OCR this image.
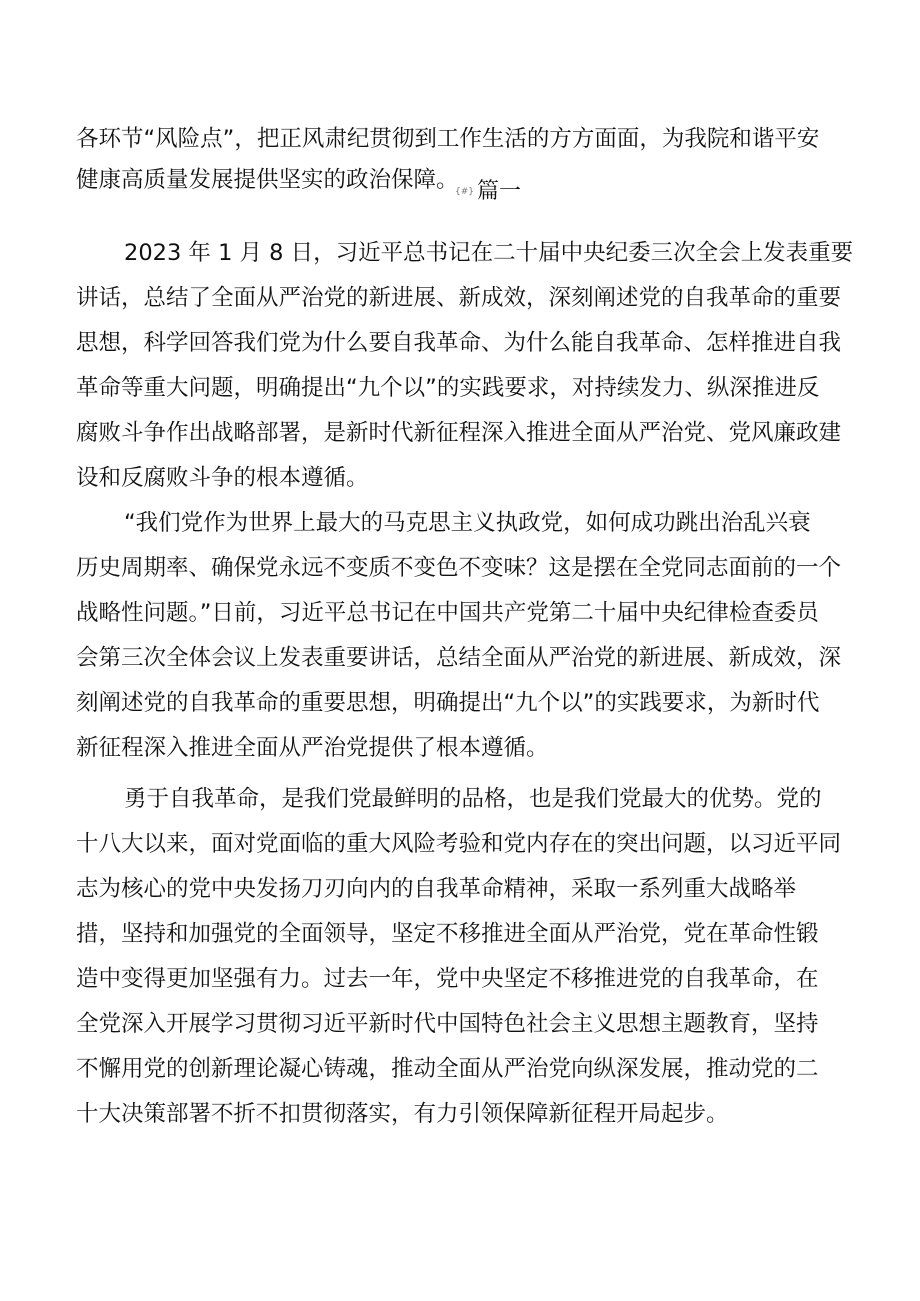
各环节“风险点”，把正风肃纪贯彻到工作生活的方方面面，为我院和谐平安
健康高质量发展提供坚实的政治保障。
{#} 篇一
2023 年 1 月 8 日，习近平总书记在二十届中央纪委三次全会上发表重要
讲话，总结了全面从严治党的新进展、新成效，深刻阐述党的自我革命的重要
思想，科学回答我们党为什么要自我革命、为什么能自我革命、怎样推进自我
革命等重大问题，明确提出“九个以”的实践要求，对持续发力、纵深推进反
腐败斗争作出战略部署，是新时代新征程深入推进全面从严治党、党风廉政建
设和反腐败斗争的根本遵循。
“我们党作为世界上最大的马克思主义执政党，如何成功跳出治乱兴衰
历史周期率、确保党永远不变质不变色不变味？这是摆在全党同志面前的一个
战略性问题。”日前，习近平总书记在中国共产党第二十届中央纪律检查委员
会第三次全体会议上发表重要讲话，总结全面从严治党的新进展、新成效，深
刻阐述党的自我革命的重要思想，明确提出“九个以”的实践要求，为新时代
新征程深入推进全面从严治党提供了根本遵循。
勇于自我革命，是我们党最鲜明的品格，也是我们党最大的优势。党的
十八大以来，面对党面临的重大风险考验和党内存在的突出问题，以习近平同
志为核心的党中央发扬刀刃向内的自我革命精神，采取一系列重大战略举
措，坚持和加强党的全面领导，坚定不移推进全面从严治党，党在革命性锻
造中变得更加坚强有力。过去一年，党中央坚定不移推进党的自我革命，在
全党深入开展学习贯彻习近平新时代中国特色社会主义思想主题教育，坚持
不懈用党的创新理论凝心铸魂，推动全面从严治党向纵深发展，推动党的二
十大决策部署不折不扣贯彻落实，有力引领保障新征程开局起步。
